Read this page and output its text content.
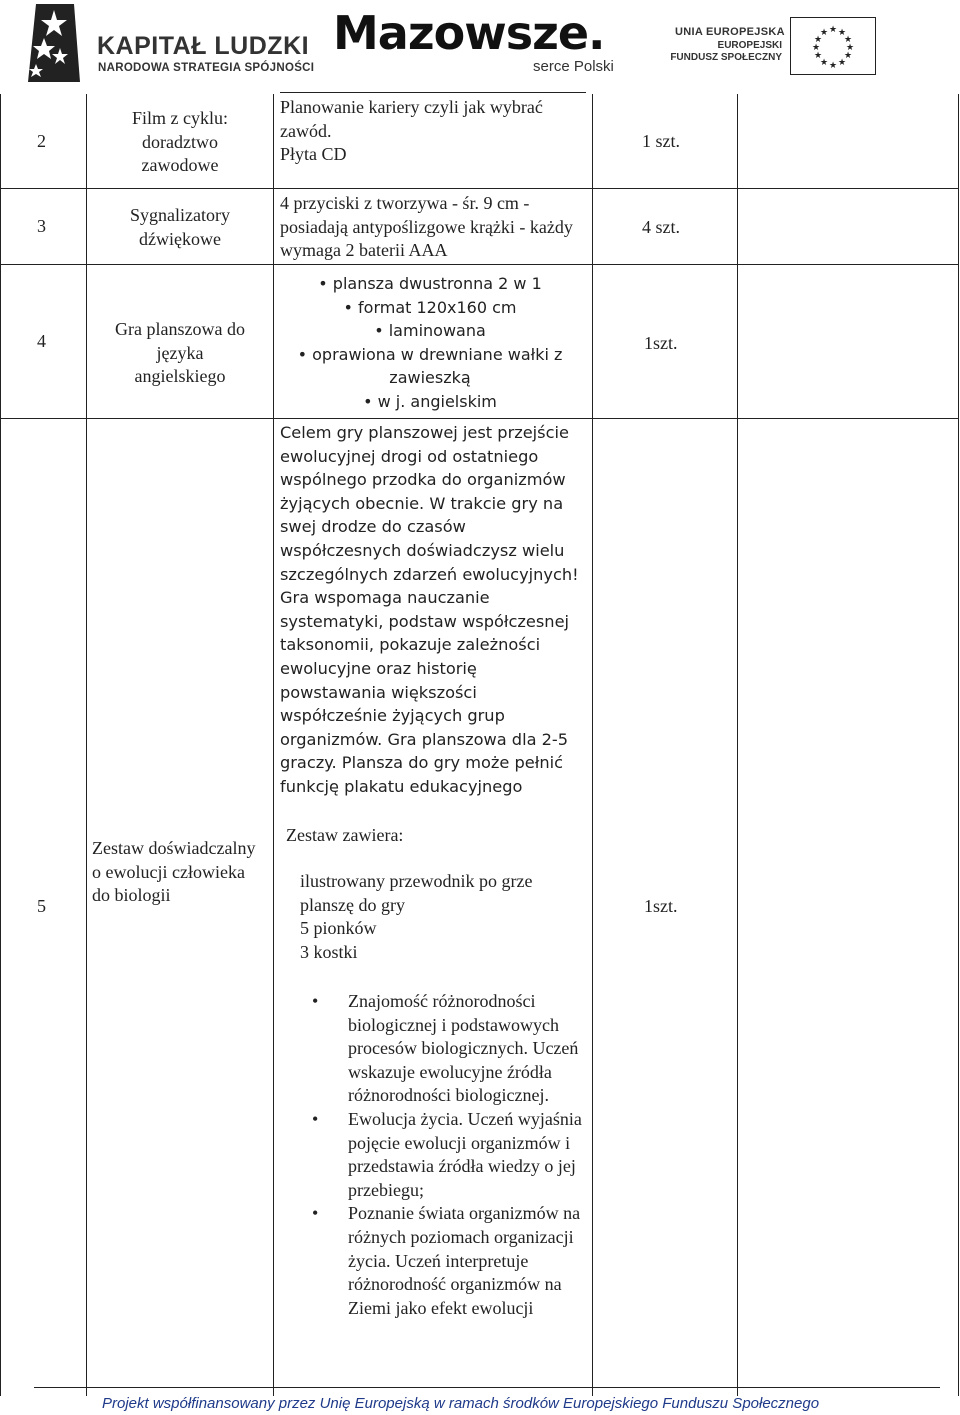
KAPITAŁ LUDZKI
NARODOWA STRATEGIA SPÓJNOŚCI
Mazowsze.
serce Polski
UNIA EUROPEJSKA
EUROPEJSKI
FUNDUSZ SPOŁECZNY
★ ★
★
★
★
★
★
★
★
★
★
★
2
Film z cyklu: doradztwo zawodowe
Planowanie kariery czyli jak wybrać zawód.
Płyta CD
1 szt.
3
Sygnalizatory dźwiękowe
4 przyciski z tworzywa - śr. 9 cm - posiadają antypoślizgowe krążki - każdy wymaga 2 baterii AAA
4 szt.
4
Gra planszowa do języka angielskiego
• plansza dwustronna 2 w 1
• format 120x160 cm
• laminowana
• oprawiona w drewniane wałki z zawieszką
• w j. angielskim
1szt.
Celem gry planszowej jest przejście ewolucyjnej drogi od ostatniego wspólnego przodka do organizmów żyjących obecnie. W trakcie gry na swej drodze do czasów współczesnych doświadczysz wielu szczególnych zdarzeń ewolucyjnych! Gra wspomaga nauczanie systematyki, podstaw współczesnej taksonomii, pokazuje zależności ewolucyjne oraz historię powstawania większości współcześnie żyjących grup organizmów. Gra planszowa dla 2-5 graczy. Plansza do gry może pełnić funkcję plakatu edukacyjnego
5
Zestaw doświadczalny o ewolucji człowieka do biologii
Zestaw zawiera:
ilustrowany przewodnik po grze
planszę do gry
5 pionków
3 kostki
1szt.
• Znajomość różnorodności biologicznej i podstawowych procesów biologicznych. Uczeń wskazuje ewolucyjne źródła różnorodności biologicznej.
• Ewolucja życia. Uczeń wyjaśnia pojęcie ewolucji organizmów i przedstawia źródła wiedzy o jej przebiegu;
• Poznanie świata organizmów na różnych poziomach organizacji życia. Uczeń interpretuje różnorodność organizmów na Ziemi jako efekt ewolucji
Projekt współfinansowany przez Unię Europejską w ramach środków Europejskiego Funduszu Społecznego
